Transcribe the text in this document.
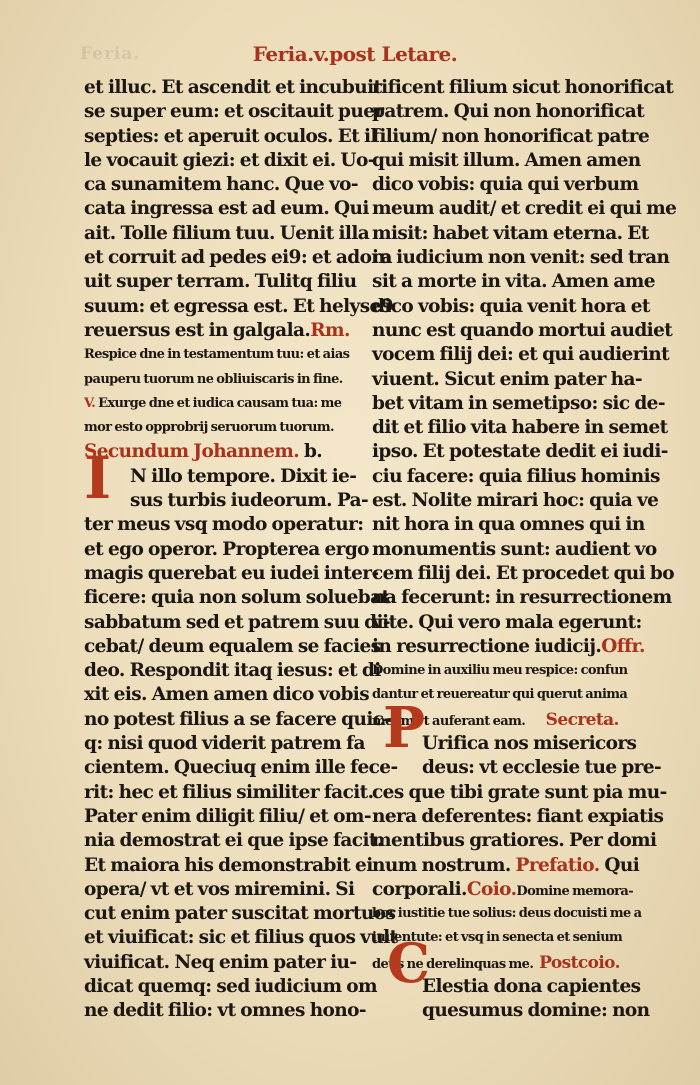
Feria.	Feria.v.post Letare.
et illuc. Et ascendit et incubuit
se super eum: et oscitauit puer
septies: et aperuit oculos. Et il
le vocauit giezi: et dixit ei. Uo-
ca sunamitem hanc. Que vo-
cata ingressa est ad eum. Qui
ait. Tolle filium tuu. Uenit illa
et corruit ad pedes ei9: et adora
uit super terram. Tulitq filiu
suum: et egressa est. Et helyse9
reuersus est in galgala.Rm.
Respice dne in testamentum tuu: et aias
pauperu tuorum ne obliuiscaris in fine.
V. Exurge dne et iudica causam tua: me
mor esto opprobrij seruorum tuorum.
Secundum Johannem. b.
N illo tempore. Dixit ie-
sus turbis iudeorum. Pa-
ter meus vsq modo operatur:
et ego operor. Propterea ergo
magis querebat eu iudei inter-
ficere: quia non solum soluebat
sabbatum sed et patrem suu di-
cebat/ deum equalem se facies
deo. Respondit itaq iesus: et di
xit eis. Amen amen dico vobis
no potest filius a se facere quic-
q: nisi quod viderit patrem fa
cientem. Queciuq enim ille fece-
rit: hec et filius similiter facit.
Pater enim diligit filiu/ et om-
nia demostrat ei que ipse facit.
Et maiora his demonstrabit ei
opera/ vt et vos miremini. Si
cut enim pater suscitat mortuos
et viuificat: sic et filius quos vult
viuificat. Neq enim pater iu-
dicat quemq: sed iudicium om
ne dedit filio: vt omnes hono-
I
rificent filium sicut honorificat
patrem. Qui non honorificat
filium/ non honorificat patre
qui misit illum. Amen amen
dico vobis: quia qui verbum
meum audit/ et credit ei qui me
misit: habet vitam eterna. Et
in iudicium non venit: sed tran
sit a morte in vita. Amen ame
dico vobis: quia venit hora et
nunc est quando mortui audiet
vocem filij dei: et qui audierint
viuent. Sicut enim pater ha-
bet vitam in semetipso: sic de-
dit et filio vita habere in semet
ipso. Et potestate dedit ei iudi-
ciu facere: quia filius hominis
est. Nolite mirari hoc: quia ve
nit hora in qua omnes qui in
monumentis sunt: audient vo
cem filij dei. Et procedet qui bo
na fecerunt: in resurrectionem
vite. Qui vero mala egerunt:
in resurrectione iudicij.Offr.
Domine in auxiliu meu respice: confun
dantur et reuereatur qui querut anima
meam vt auferant eam. Secreta.
Urifica nos misericors
deus: vt ecclesie tue pre-
ces que tibi grate sunt pia mu-
nera deferentes: fiant expiatis
mentibus gratiores. Per domi
num nostrum. Prefatio. Qui
corporali.Coio.Domine memora-
bor iustitie tue solius: deus docuisti me a
iuuentute: et vsq in senecta et senium
deus ne derelinquas me. Postcoio.
Elestia dona capientes
quesumus domine: non
P
C
